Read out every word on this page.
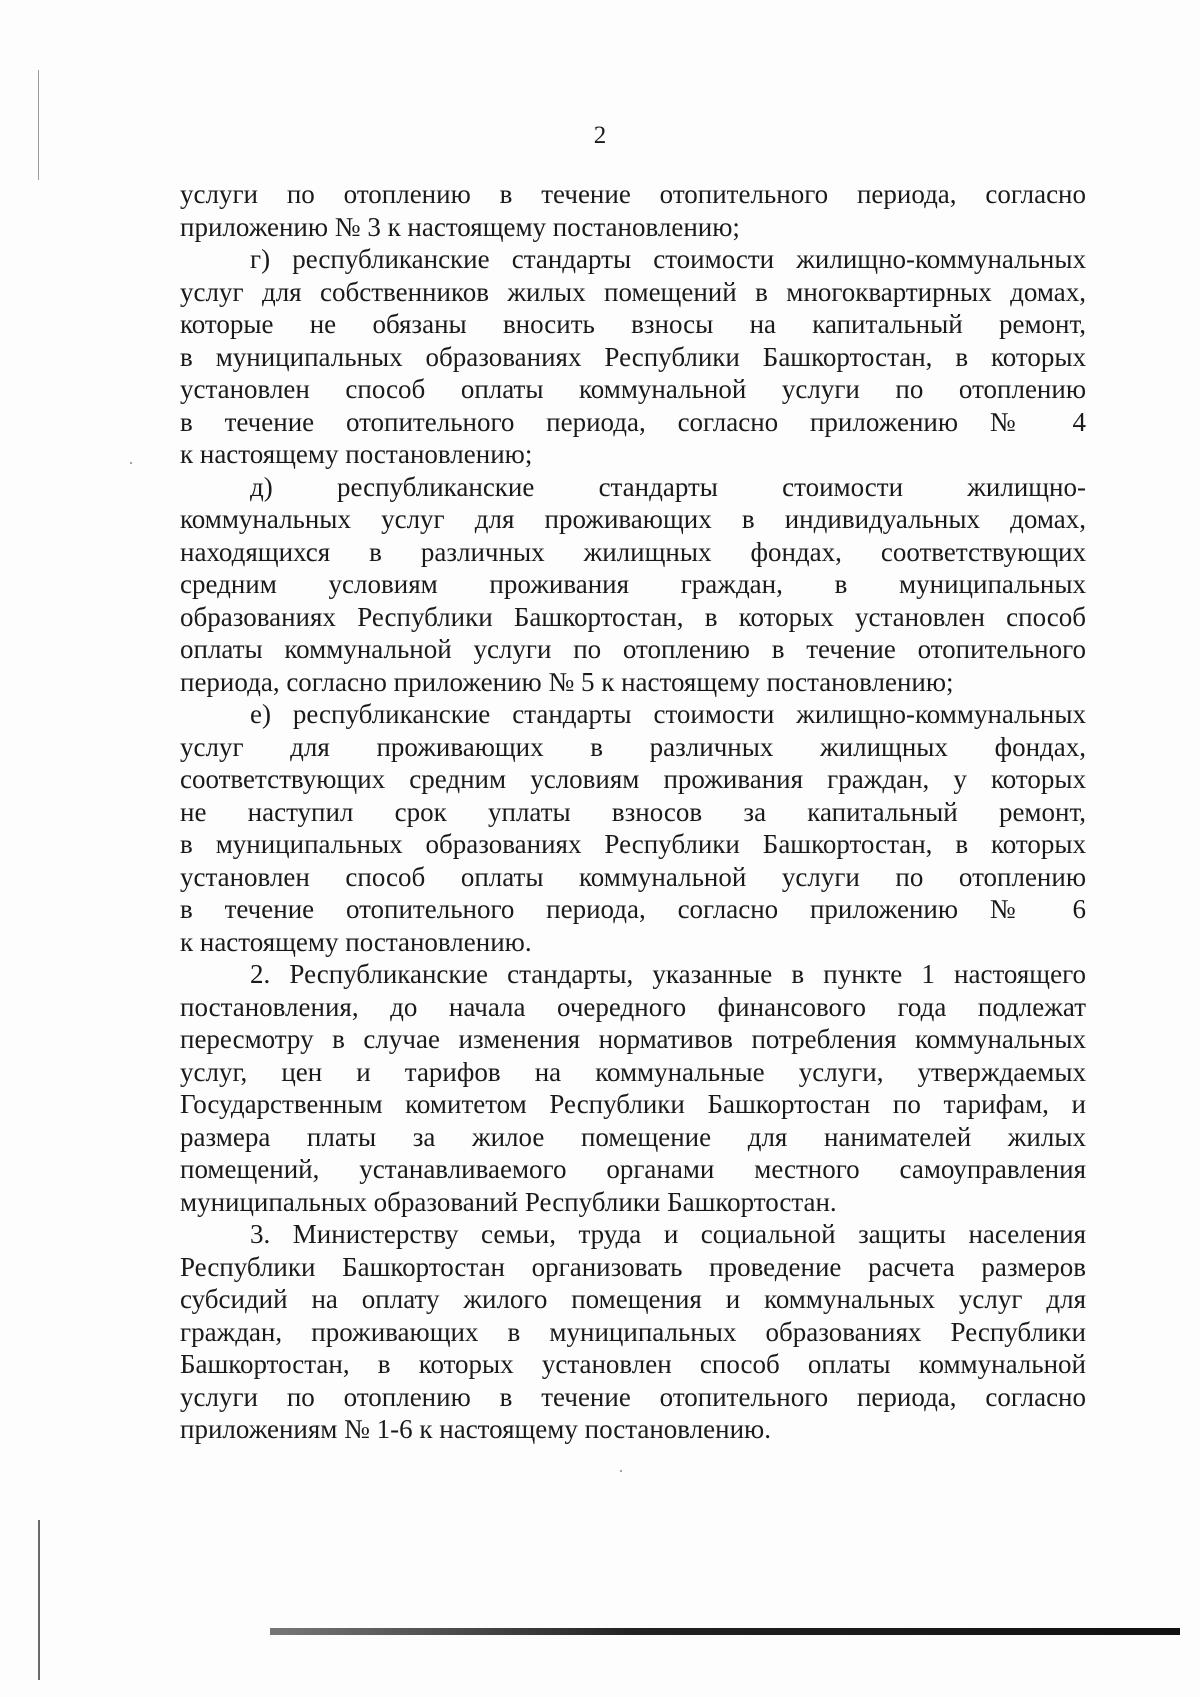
2
услуги по отоплению в течение отопительного периода, согласно
приложению № 3 к настоящему постановлению;
г) республиканские стандарты стоимости жилищно-коммунальных
услуг для собственников жилых помещений в многоквартирных домах,
которые не обязаны вносить взносы на капитальный ремонт,
в муниципальных образованиях Республики Башкортостан, в которых
установлен способ оплаты коммунальной услуги по отоплению
в течение отопительного периода, согласно приложению № 4
к настоящему постановлению;
д) республиканские стандарты стоимости жилищно-
коммунальных услуг для проживающих в индивидуальных домах,
находящихся в различных жилищных фондах, соответствующих
средним условиям проживания граждан, в муниципальных
образованиях Республики Башкортостан, в которых установлен способ
оплаты коммунальной услуги по отоплению в течение отопительного
периода, согласно приложению № 5 к настоящему постановлению;
е) республиканские стандарты стоимости жилищно-коммунальных
услуг для проживающих в различных жилищных фондах,
соответствующих средним условиям проживания граждан, у которых
не наступил срок уплаты взносов за капитальный ремонт,
в муниципальных образованиях Республики Башкортостан, в которых
установлен способ оплаты коммунальной услуги по отоплению
в течение отопительного периода, согласно приложению № 6
к настоящему постановлению.
2. Республиканские стандарты, указанные в пункте 1 настоящего
постановления, до начала очередного финансового года подлежат
пересмотру в случае изменения нормативов потребления коммунальных
услуг, цен и тарифов на коммунальные услуги, утверждаемых
Государственным комитетом Республики Башкортостан по тарифам, и
размера платы за жилое помещение для нанимателей жилых
помещений, устанавливаемого органами местного самоуправления
муниципальных образований Республики Башкортостан.
3. Министерству семьи, труда и социальной защиты населения
Республики Башкортостан организовать проведение расчета размеров
субсидий на оплату жилого помещения и коммунальных услуг для
граждан, проживающих в муниципальных образованиях Республики
Башкортостан, в которых установлен способ оплаты коммунальной
услуги по отоплению в течение отопительного периода, согласно
приложениям № 1-6 к настоящему постановлению.
